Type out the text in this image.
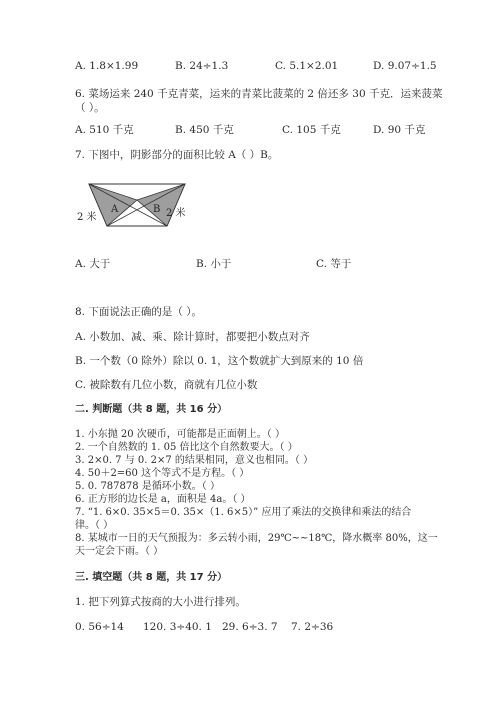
A. 1.8×1.99	B. 24÷1.3	C. 5.1×2.01	D. 9.07÷1.5
6. 菜场运来 240 千克青菜，运来的青菜比菠菜的 2 倍还多 30 千克．运来菠菜
（ ）。
A. 510 千克	B. 450 千克	C. 105 千克	D. 90 千克
7. 下图中，阴影部分的面积比较 A（ ）B。
2 米
A	B 2 米
A. 大于	B. 小于	C. 等于
8. 下面说法正确的是（ ）。
A. 小数加、减、乘、除计算时，都要把小数点对齐
B. 一个数（0 除外）除以 0. 1，这个数就扩大到原来的 10 倍
C. 被除数有几位小数，商就有几位小数
二. 判断题（共 8 题，共 16 分）
1. 小东抛 20 次硬币，可能都是正面朝上。（ ）
2. 一个自然数的 1. 05 倍比这个自然数要大。（ ）
3. 2×0. 7 与 0. 2×7 的结果相同，意义也相同。（ ）
4. 50＋2=60 这个等式不是方程。（ ）
5. 0. 787878 是循环小数。（ ）
6. 正方形的边长是 a，面积是 4a。（ ）
7. “1. 6×0. 35×5＝0. 35×（1. 6×5）” 应用了乘法的交换律和乘法的结合
律。（ ）
8. 某城市一日的天气预报为：多云转小雨，29℃~~18℃，降水概率 80%，这一
天一定会下雨。（ ）
三. 填空题（共 8 题，共 17 分）
1. 把下列算式按商的大小进行排列。
0. 56÷14 120. 3÷40. 1 29. 6÷3. 7 7. 2÷36
